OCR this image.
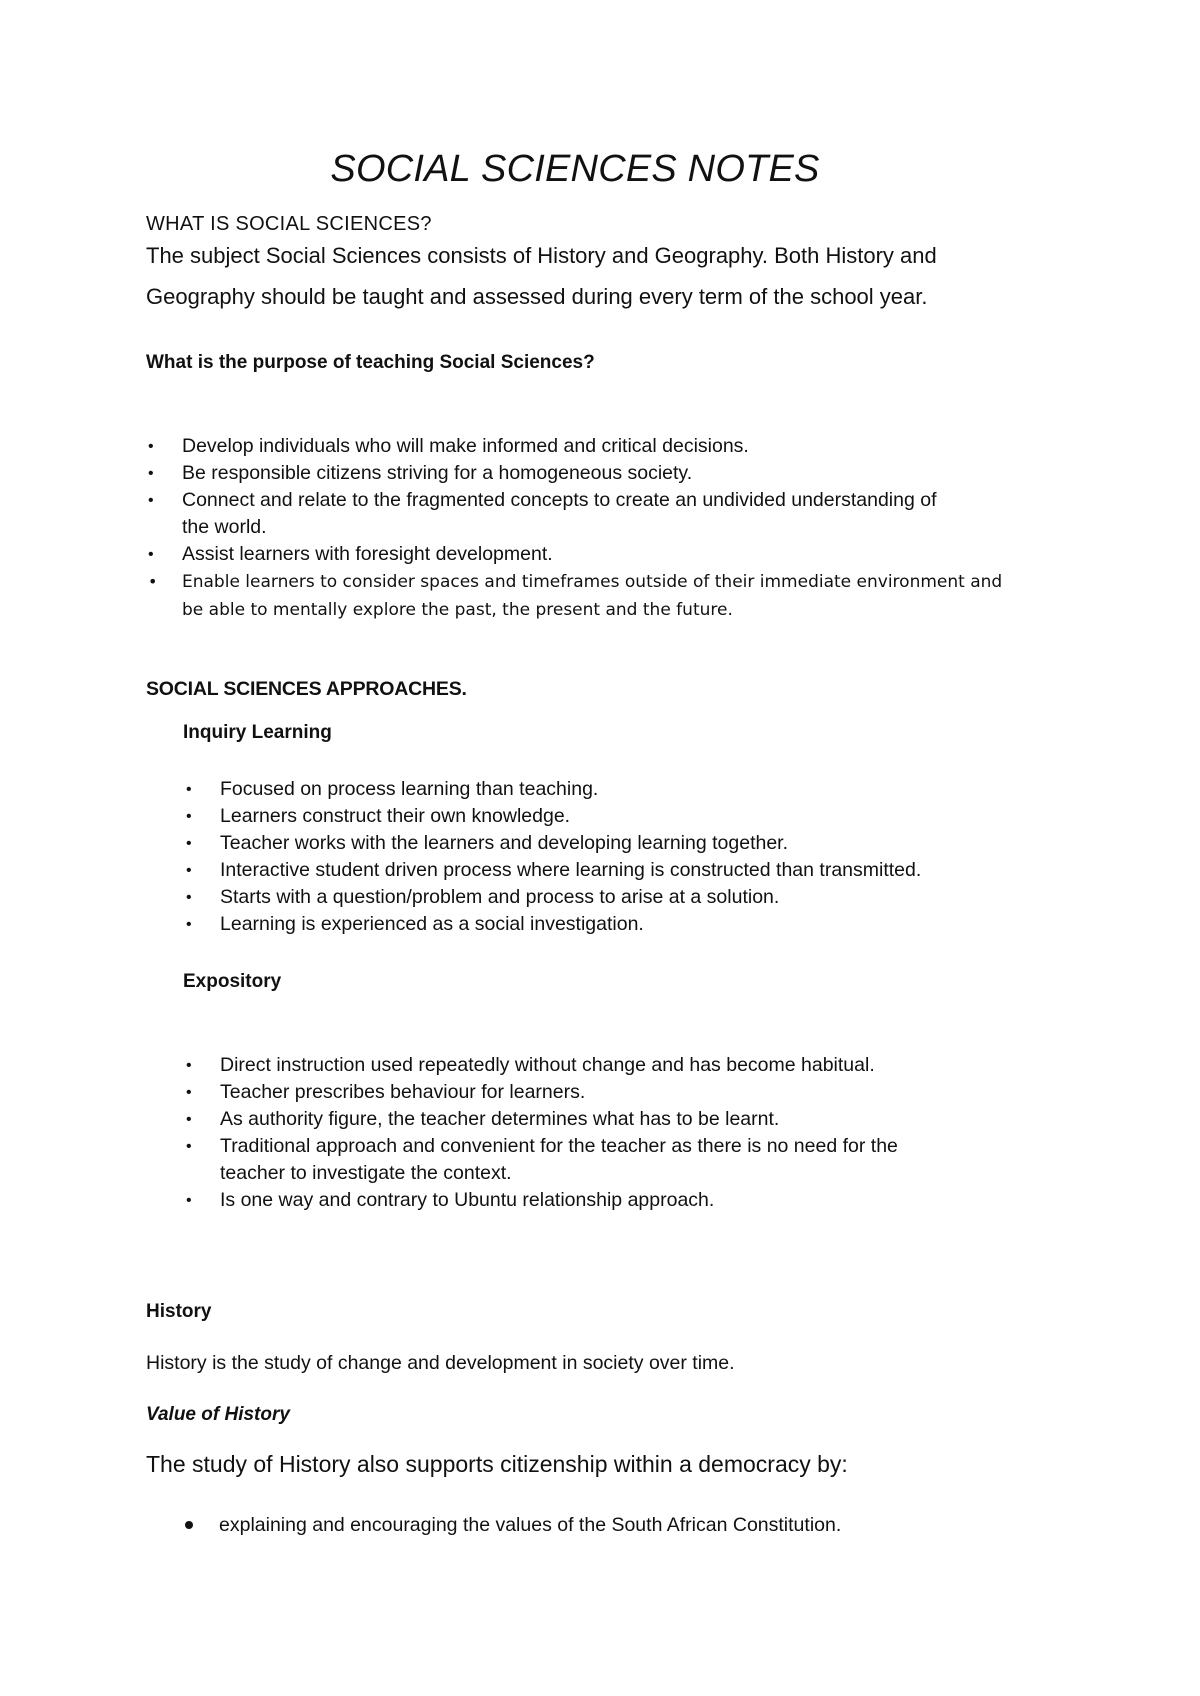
SOCIAL SCIENCES NOTES
WHAT IS SOCIAL SCIENCES?
The subject Social Sciences consists of History and Geography. Both History and
Geography should be taught and assessed during every term of the school year.
What is the purpose of teaching Social Sciences?
• Develop individuals who will make informed and critical decisions.
• Be responsible citizens striving for a homogeneous society.
• Connect and relate to the fragmented concepts to create an undivided understanding of
the world.
• Assist learners with foresight development.
• Enable learners to consider spaces and timeframes outside of their immediate environment and
be able to mentally explore the past, the present and the future.
SOCIAL SCIENCES APPROACHES.
Inquiry Learning
• Focused on process learning than teaching.
• Learners construct their own knowledge.
• Teacher works with the learners and developing learning together.
• Interactive student driven process where learning is constructed than transmitted.
• Starts with a question/problem and process to arise at a solution.
• Learning is experienced as a social investigation.
Expository
• Direct instruction used repeatedly without change and has become habitual.
• Teacher prescribes behaviour for learners.
• As authority figure, the teacher determines what has to be learnt.
• Traditional approach and convenient for the teacher as there is no need for the
teacher to investigate the context.
• Is one way and contrary to Ubuntu relationship approach.
History
History is the study of change and development in society over time.
Value of History
The study of History also supports citizenship within a democracy by:
explaining and encouraging the values of the South African Constitution.
